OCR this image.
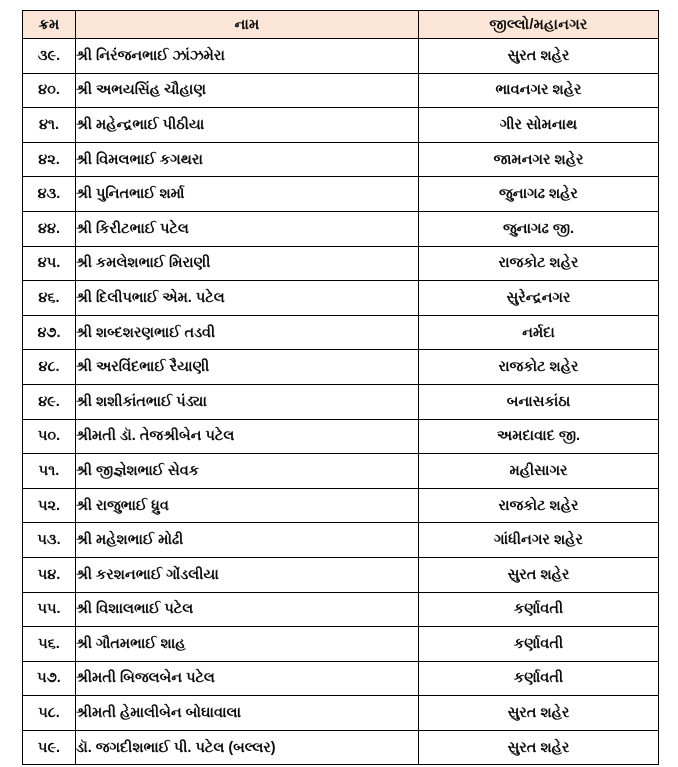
ક્રમ	નામ	જીલ્લો/મહાનગર
૩૯.	શ્રી નિરંજનભાઈ ઝાંઝમેરા	સુરત શહેર
૪૦.	શ્રી અભયસિંહ ચૌહાણ	ભાવનગર શહેર
૪૧.	શ્રી મહેન્દ્રભાઈ પીઠીયા	ગીર સોમનાથ
૪૨.	શ્રી વિમલભાઈ કગથરા	જામનગર શહેર
૪૩.	શ્રી પુનિતભાઈ શર્મા	જુનાગઢ શહેર
૪૪.	શ્રી કિરીટભાઈ પટેલ	જુનાગઢ જી.
૪૫.	શ્રી કમલેશભાઈ મિરાણી	રાજકોટ શહેર
૪૬.	શ્રી દિલીપભાઈ એમ. પટેલ	સુરેન્દ્રનગર
૪૭.	શ્રી શબ્દશરણભાઈ તડવી	નર્મદા
૪૮.	શ્રી અરવિંદભાઈ રૈયાણી	રાજકોટ શહેર
૪૯.	શ્રી શશીકાંતભાઈ પંડ્યા	બનાસકાંઠા
૫૦.	શ્રીમતી ડૉ. તેજશ્રીબેન પટેલ	અમદાવાદ જી.
૫૧.	શ્રી જીજ્ઞેશભાઈ સેવક	મહીસાગર
૫૨.	શ્રી રાજુભાઈ ધ્રુવ	રાજકોટ શહેર
૫૩.	શ્રી મહેશભાઈ મોઢી	ગાંધીનગર શહેર
૫૪.	શ્રી કરશનભાઈ ગોંડલીયા	સુરત શહેર
૫૫.	શ્રી વિશાલભાઈ પટેલ	કર્ણાવતી
૫૬.	શ્રી ગૌતમભાઈ શાહ	કર્ણાવતી
૫૭.	શ્રીમતી બિજલબેન પટેલ	કર્ણાવતી
૫૮.	શ્રીમતી હેમાલીબેન બોઘાવાલા	સુરત શહેર
૫૯.	ડૉ. જગદીશભાઈ પી. પટેલ (બલ્લર)	સુરત શહેર
